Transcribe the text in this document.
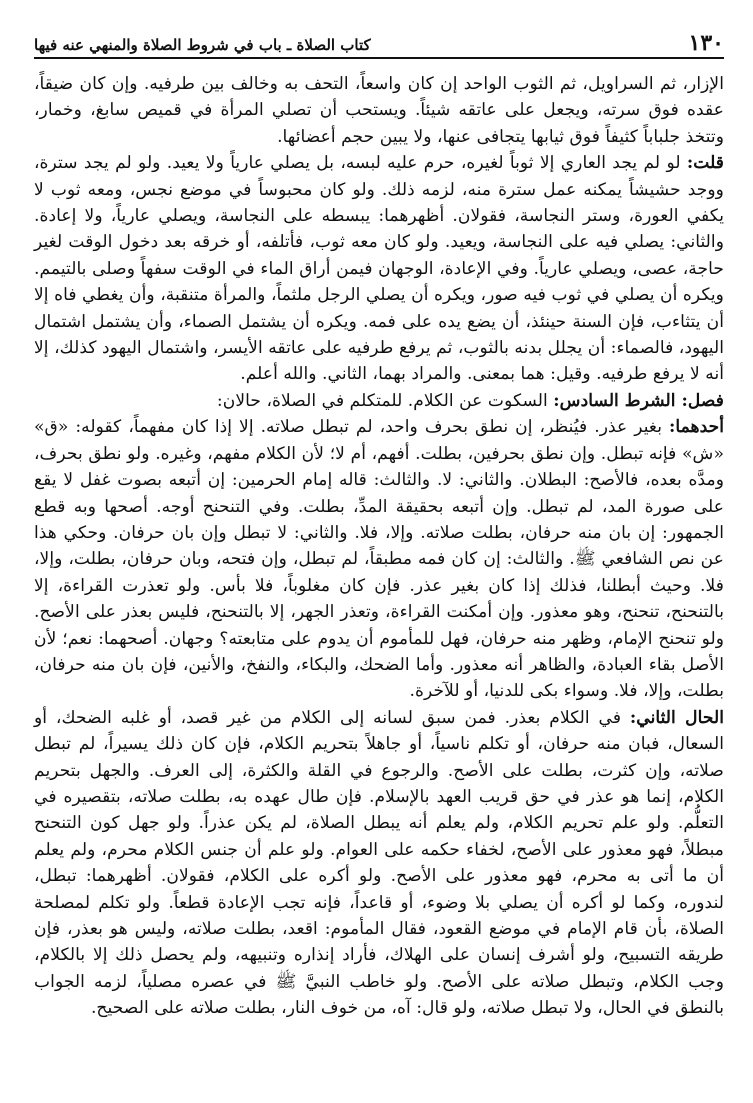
١٣٠
كتاب الصلاة ـ باب في شروط الصلاة والمنهي عنه فيها

الإزار، ثم السراويل، ثم الثوب الواحد إن كان واسعاً، التحف به وخالف بين طرفيه. وإن كان ضيقاً، عقده فوق سرته، ويجعل على عاتقه شيئاً. ويستحب أن تصلي المرأة في قميص سابغ، وخمار، وتتخذ جلباباً كثيفاً فوق ثيابها يتجافى عنها، ولا يبين حجم أعضائها.

قلت: لو لم يجد العاري إلا ثوباً لغيره، حرم عليه لبسه، بل يصلي عارياً ولا يعيد. ولو لم يجد سترة، ووجد حشيشاً يمكنه عمل سترة منه، لزمه ذلك. ولو كان محبوساً في موضع نجس، ومعه ثوب لا يكفي العورة، وستر النجاسة، فقولان. أظهرهما: يبسطه على النجاسة، ويصلي عارياً، ولا إعادة. والثاني: يصلي فيه على النجاسة، ويعيد. ولو كان معه ثوب، فأتلفه، أو خرقه بعد دخول الوقت لغير حاجة، عصى، ويصلي عارياً. وفي الإعادة، الوجهان فيمن أراق الماء في الوقت سفهاً وصلى بالتيمم. ويكره أن يصلي في ثوب فيه صور، ويكره أن يصلي الرجل ملثماً، والمرأة متنقبة، وأن يغطي فاه إلا أن يتثاءب، فإن السنة حينئذ، أن يضع يده على فمه. ويكره أن يشتمل الصماء، وأن يشتمل اشتمال اليهود، فالصماء: أن يجلل بدنه بالثوب، ثم يرفع طرفيه على عاتقه الأيسر، واشتمال اليهود كذلك، إلا أنه لا يرفع طرفيه. وقيل: هما بمعنى. والمراد بهما، الثاني. والله أعلم.

فصل: الشرط السادس: السكوت عن الكلام. للمتكلم في الصلاة، حالان:

أحدهما: بغير عذر. فيُنظر، إن نطق بحرف واحد، لم تبطل صلاته. إلا إذا كان مفهماً، كقوله: «ق» «ش» فإنه تبطل. وإن نطق بحرفين، بطلت. أفهم، أم لا؛ لأن الكلام مفهم، وغيره. ولو نطق بحرف، ومدَّه بعده، فالأصح: البطلان. والثاني: لا. والثالث: قاله إمام الحرمين: إن أتبعه بصوت غفل لا يقع على صورة المد، لم تبطل. وإن أتبعه بحقيقة المدِّ، بطلت. وفي التنحنح أوجه. أصحها وبه قطع الجمهور: إن بان منه حرفان، بطلت صلاته. وإلا، فلا. والثاني: لا تبطل وإن بان حرفان. وحكي هذا عن نص الشافعي ﷺ. والثالث: إن كان فمه مطبقاً، لم تبطل، وإن فتحه، وبان حرفان، بطلت، وإلا، فلا. وحيث أبطلنا، فذلك إذا كان بغير عذر. فإن كان مغلوباً، فلا بأس. ولو تعذرت القراءة، إلا بالتنحنح، تنحنح، وهو معذور. وإن أمكنت القراءة، وتعذر الجهر، إلا بالتنحنح، فليس بعذر على الأصح. ولو تنحنح الإمام، وظهر منه حرفان، فهل للمأموم أن يدوم على متابعته؟ وجهان. أصحهما: نعم؛ لأن الأصل بقاء العبادة، والظاهر أنه معذور. وأما الضحك، والبكاء، والنفخ، والأنين، فإن بان منه حرفان، بطلت، وإلا، فلا. وسواء بكى للدنيا، أو للآخرة.

الحال الثاني: في الكلام بعذر. فمن سبق لسانه إلى الكلام من غير قصد، أو غلبه الضحك، أو السعال، فبان منه حرفان، أو تكلم ناسياً، أو جاهلاً بتحريم الكلام، فإن كان ذلك يسيراً، لم تبطل صلاته، وإن كثرت، بطلت على الأصح. والرجوع في القلة والكثرة، إلى العرف. والجهل بتحريم الكلام، إنما هو عذر في حق قريب العهد بالإسلام. فإن طال عهده به، بطلت صلاته، بتقصيره في التعلُّم. ولو علم تحريم الكلام، ولم يعلم أنه يبطل الصلاة، لم يكن عذراً. ولو جهل كون التنحنح مبطلاً، فهو معذور على الأصح، لخفاء حكمه على العوام. ولو علم أن جنس الكلام محرم، ولم يعلم أن ما أتى به محرم، فهو معذور على الأصح. ولو أكره على الكلام، فقولان. أظهرهما: تبطل، لندوره، وكما لو أكره أن يصلي بلا وضوء، أو قاعداً، فإنه تجب الإعادة قطعاً. ولو تكلم لمصلحة الصلاة، بأن قام الإمام في موضع القعود، فقال المأموم: اقعد، بطلت صلاته، وليس هو بعذر، فإن طريقه التسبيح، ولو أشرف إنسان على الهلاك، فأراد إنذاره وتنبيهه، ولم يحصل ذلك إلا بالكلام، وجب الكلام، وتبطل صلاته على الأصح. ولو خاطب النبيَّ ﷺ في عصره مصلياً، لزمه الجواب بالنطق في الحال، ولا تبطل صلاته، ولو قال: آه، من خوف النار، بطلت صلاته على الصحيح.
